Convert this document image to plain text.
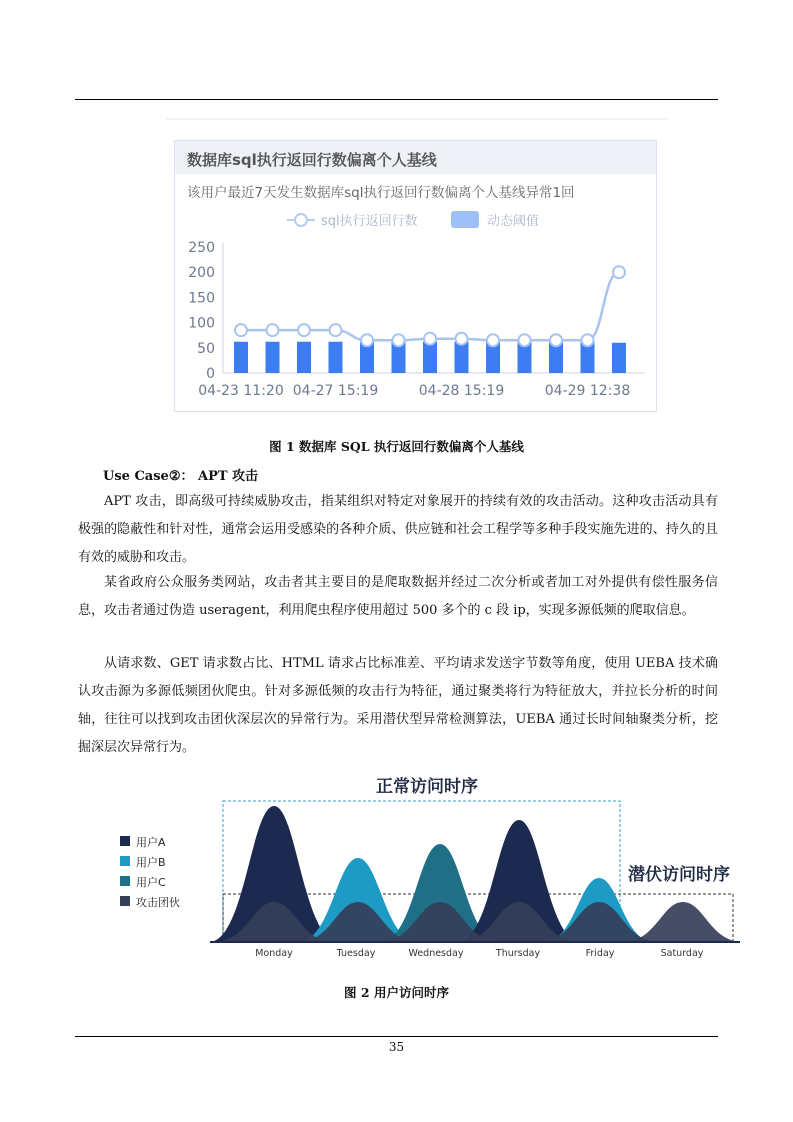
数据库sql执行返回行数偏离个人基线
该用户最近7天发生数据库sql执行返回行数偏离个人基线异常1回
sql执行返回行数	动态阈值
0
50
100
150
200
250
04-23 11:20 04-27 15:19	04-28 15:19	04-29 12:38
图 1 数据库 SQL 执行返回行数偏离个人基线
Use Case②： APT 攻击

APT 攻击，即高级可持续威胁攻击，指某组织对特定对象展开的持续有效的攻击活动。这种攻击活动具有极强的隐蔽性和针对性，通常会运用受感染的各种介质、供应链和社会工程学等多种手段实施先进的、持久的且有效的威胁和攻击。

某省政府公众服务类网站，攻击者其主要目的是爬取数据并经过二次分析或者加工对外提供有偿性服务信息，攻击者通过伪造 useragent，利用爬虫程序使用超过 500 多个的 c 段 ip，实现多源低频的爬取信息。

从请求数、GET 请求数占比、HTML 请求占比标准差、平均请求发送字节数等角度，使用 UEBA 技术确认攻击源为多源低频团伙爬虫。针对多源低频的攻击行为特征，通过聚类将行为特征放大，并拉长分析的时间轴，往往可以找到攻击团伙深层次的异常行为。采用潜伏型异常检测算法，UEBA 通过长时间轴聚类分析，挖掘深层次异常行为。

正常访问时序
潜伏访问时序
Monday	Tuesday	Wednesday	Thursday	Friday	Saturday
用户A
用户B
用户C
攻击团伙
图 2 用户访问时序
35
